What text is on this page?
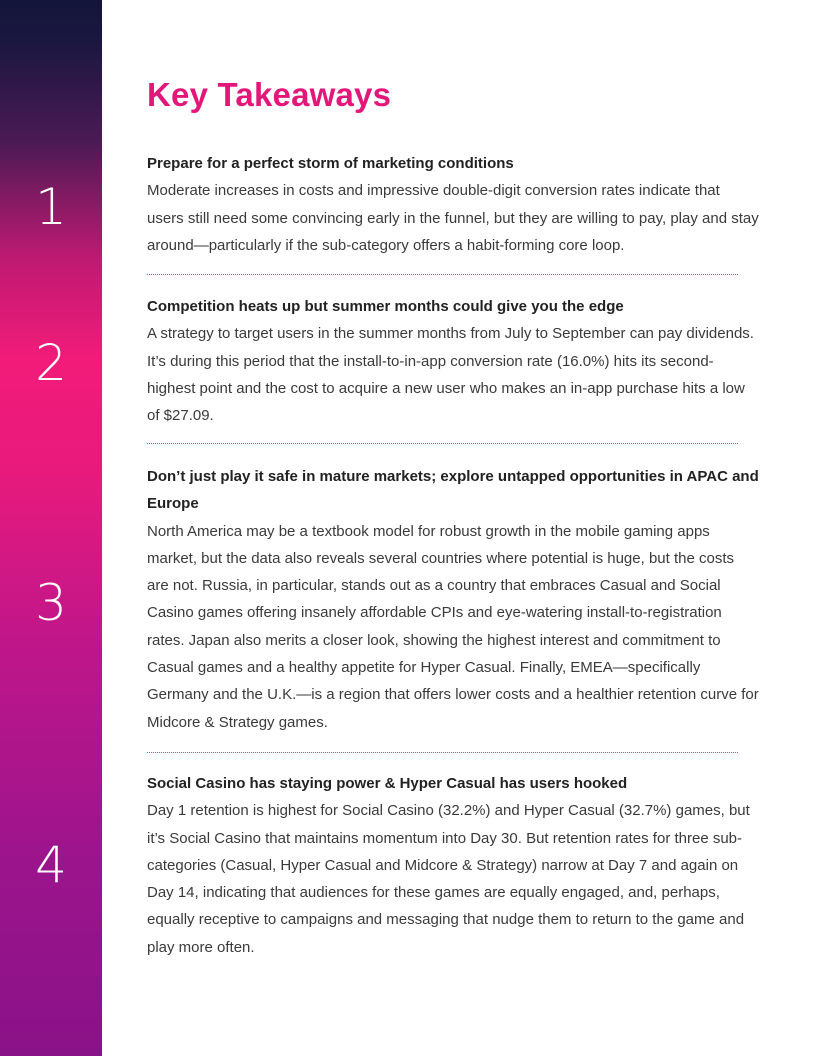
1
2
3
4
Key Takeaways

Prepare for a perfect storm of marketing conditions

Moderate increases in costs and impressive double-digit conversion rates indicate that users still need some convincing early in the funnel, but they are willing to pay, play and stay around—particularly if the sub-category offers a habit-forming core loop.

Competition heats up but summer months could give you the edge

A strategy to target users in the summer months from July to September can pay dividends. It’s during this period that the install-to-in-app conversion rate (16.0%) hits its second-highest point and the cost to acquire a new user who makes an in-app purchase hits a low of $27.09.

Don’t just play it safe in mature markets; explore untapped opportunities in APAC and Europe

North America may be a textbook model for robust growth in the mobile gaming apps market, but the data also reveals several countries where potential is huge, but the costs are not. Russia, in particular, stands out as a country that embraces Casual and Social Casino games offering insanely affordable CPIs and eye-watering install-to-registration rates. Japan also merits a closer look, showing the highest interest and commitment to Casual games and a healthy appetite for Hyper Casual. Finally, EMEA—specifically Germany and the U.K.—is a region that offers lower costs and a healthier retention curve for Midcore & Strategy games.

Social Casino has staying power & Hyper Casual has users hooked

Day 1 retention is highest for Social Casino (32.2%) and Hyper Casual (32.7%) games, but it’s Social Casino that maintains momentum into Day 30. But retention rates for three sub-categories (Casual, Hyper Casual and Midcore & Strategy) narrow at Day 7 and again on Day 14, indicating that audiences for these games are equally engaged, and, perhaps, equally receptive to campaigns and messaging that nudge them to return to the game and play more often.
